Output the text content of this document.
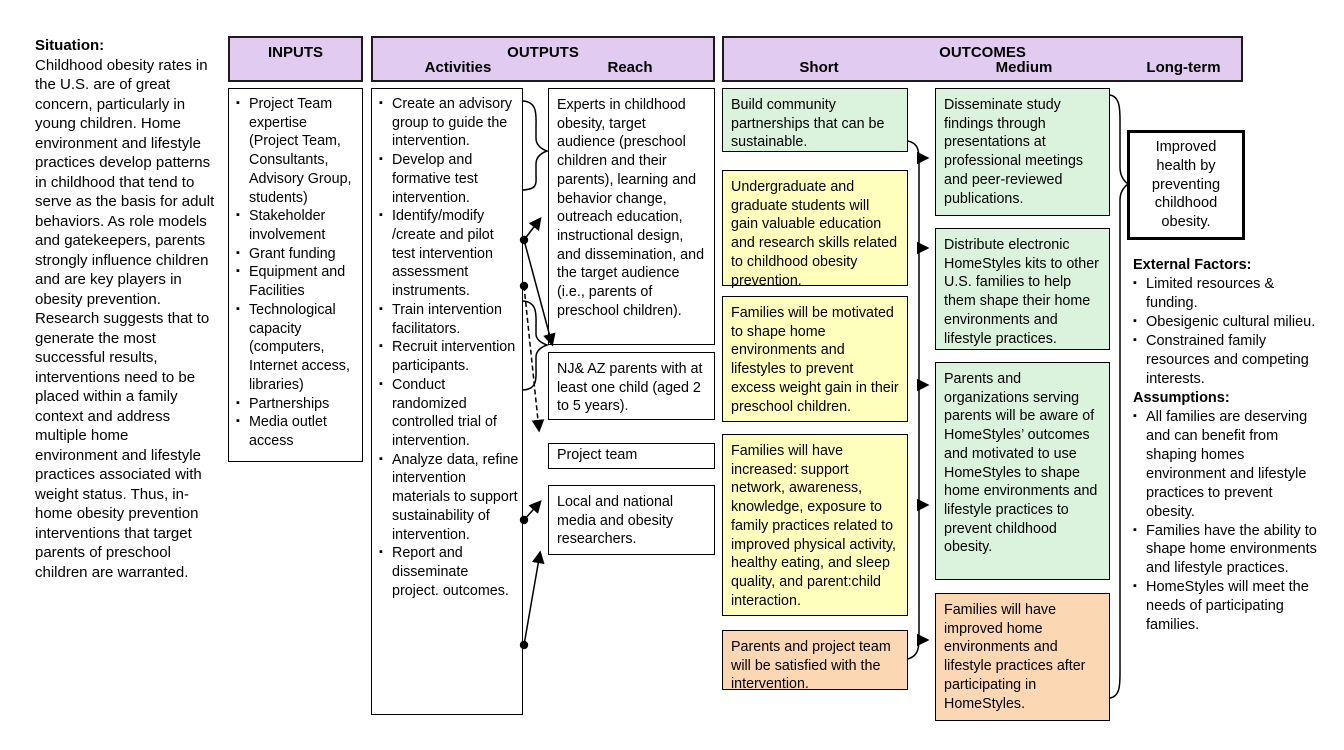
Situation:
Childhood obesity rates in the U.S. are of great concern, particularly in young children. Home environment and lifestyle practices develop patterns in childhood that tend to serve as the basis for adult behaviors. As role models and gatekeepers, parents strongly influence children and are key players in obesity prevention. Research suggests that to generate the most successful results, interventions need to be placed within a family context and address multiple home environment and lifestyle practices associated with weight status. Thus, in-home obesity prevention interventions that target parents of preschool children are warranted.
INPUTS	OUTPUTS
Activities	Reach
OUTCOMES
Short	Medium	Long-term
▪ Project Team expertise (Project Team, Consultants, Advisory Group, students)
▪ Stakeholder involvement
▪ Grant funding
▪ Equipment and Facilities
▪ Technological capacity (computers, Internet access, libraries)
▪ Partnerships
▪ Media outlet access
▪ Create an advisory group to guide the intervention.
▪ Develop and formative test intervention.
▪ Identify/modify /create and pilot test intervention assessment instruments.
▪ Train intervention facilitators.
▪ Recruit intervention participants.
▪ Conduct randomized controlled trial of intervention.
▪ Analyze data, refine intervention materials to support sustainability of intervention.
▪ Report and disseminate project. outcomes.
Experts in childhood obesity, target audience (preschool children and their parents), learning and behavior change, outreach education, instructional design, and dissemination, and the target audience (i.e., parents of preschool children).
NJ& AZ parents with at least one child (aged 2 to 5 years).
Project team
Local and national media and obesity researchers.
Build community partnerships that can be sustainable.
Undergraduate and graduate students will gain valuable education and research skills related to childhood obesity prevention.
Families will be motivated to shape home environments and lifestyles to prevent excess weight gain in their preschool children.
Families will have increased: support network, awareness, knowledge, exposure to family practices related to improved physical activity, healthy eating, and sleep quality, and parent:child interaction.
Parents and project team will be satisfied with the intervention.
Disseminate study findings through presentations at professional meetings and peer-reviewed publications.
Distribute electronic HomeStyles kits to other U.S. families to help them shape their home environments and lifestyle practices.
Parents and organizations serving parents will be aware of HomeStyles’ outcomes and motivated to use HomeStyles to shape home environments and lifestyle practices to prevent childhood obesity.
Families will have improved home environments and lifestyle practices after participating in HomeStyles.
Improved health by preventing childhood obesity.
External Factors:
▪ Limited resources & funding.
▪ Obesigenic cultural milieu.
▪ Constrained family resources and competing interests.
Assumptions:
▪ All families are deserving and can benefit from shaping homes environment and lifestyle practices to prevent obesity.
▪ Families have the ability to shape home environments and lifestyle practices.
▪ HomeStyles will meet the needs of participating families.
